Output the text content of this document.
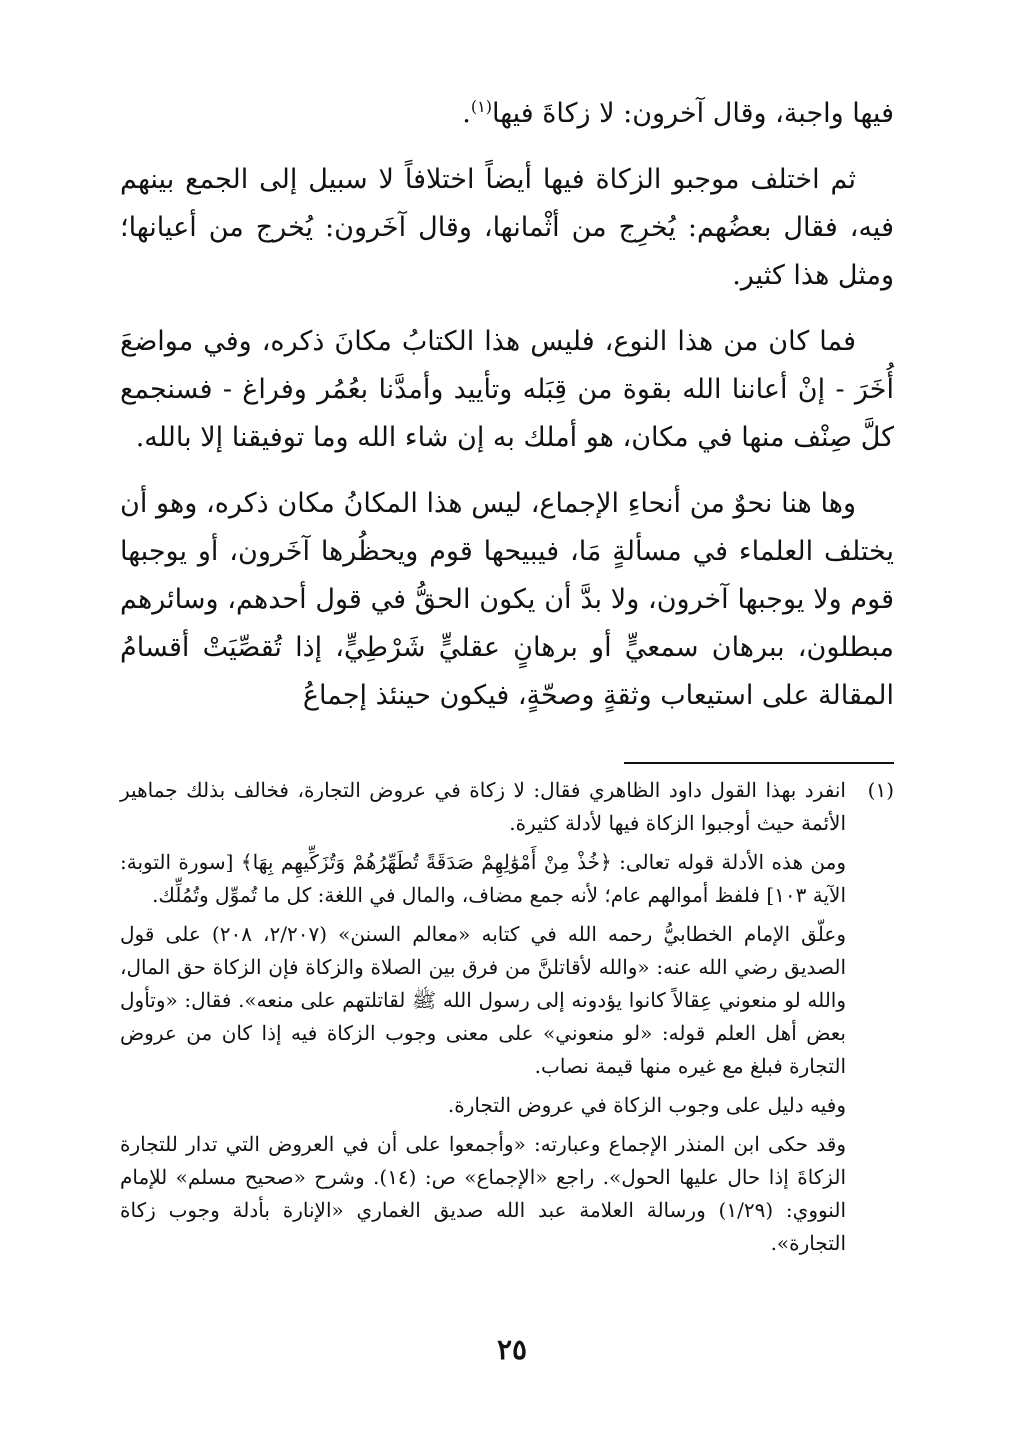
فيها واجبة، وقال آخرون: لا زكاةَ فيها$^{(١)}$.

ثم اختلف موجبو الزكاة فيها أيضاً اختلافاً لا سبيل إلى الجمع بينهم فيه، فقال بعضُهم: يُخرِج من أثْمانها، وقال آخَرون: يُخرج من أعيانها؛ ومثل هذا كثير.

فما كان من هذا النوع، فليس هذا الكتابُ مكانَ ذكره، وفي مواضعَ أُخَرَ - إنْ أعاننا الله بقوة من قِبَله وتأييد وأمدَّنا بعُمُر وفراغ - فسنجمع كلَّ صِنْف منها في مكان، هو أملك به إن شاء الله وما توفيقنا إلا بالله.

وها هنا نحوٌ من أنحاءِ الإجماع، ليس هذا المكانُ مكان ذكره، وهو أن يختلف العلماء في مسألةٍ مَا، فيبيحها قوم ويحظُرها آخَرون، أو يوجبها قوم ولا يوجبها آخرون، ولا بدَّ أن يكون الحقُّ في قول أحدهم، وسائرهم مبطلون، ببرهان سمعيٍّ أو برهانٍ عقليٍّ شَرْطِيٍّ، إذا تُقصِّيَتْ أقسامُ المقالة على استيعاب وثقةٍ وصحّةٍ، فيكون حينئذ إجماعُ

(١)

انفرد بهذا القول داود الظاهري فقال: لا زكاة في عروض التجارة، فخالف بذلك جماهير الأئمة حيث أوجبوا الزكاة فيها لأدلة كثيرة.

ومن هذه الأدلة قوله تعالى: ﴿خُذْ مِنْ أَمْوَٰلِهِمْ صَدَقَةً تُطَهِّرُهُمْ وَتُزَكِّيهِم بِهَا﴾ [سورة التوبة: الآية ١٠٣] فلفظ أموالهم عام؛ لأنه جمع مضاف، والمال في اللغة: كل ما تُموِّل وتُمُلِّك.

وعلّق الإمام الخطابيُّ رحمه الله في كتابه «معالم السنن» (٢/٢٠٧، ٢٠٨) على قول الصديق رضي الله عنه: «والله لأقاتلنَّ من فرق بين الصلاة والزكاة فإن الزكاة حق المال، والله لو منعوني عِقالاً كانوا يؤدونه إلى رسول الله ﷺ لقاتلتهم على منعه». فقال: «وتأول بعض أهل العلم قوله: «لو منعوني» على معنى وجوب الزكاة فيه إذا كان من عروض التجارة فبلغ مع غيره منها قيمة نصاب.

وفيه دليل على وجوب الزكاة في عروض التجارة.

وقد حكى ابن المنذر الإجماع وعبارته: «وأجمعوا على أن في العروض التي تدار للتجارة الزكاةَ إذا حال عليها الحول». راجع «الإجماع» ص: (١٤). وشرح «صحيح مسلم» للإمام النووي: (١/٢٩) ورسالة العلامة عبد الله صديق الغماري «الإنارة بأدلة وجوب زكاة التجارة».

٢٥
